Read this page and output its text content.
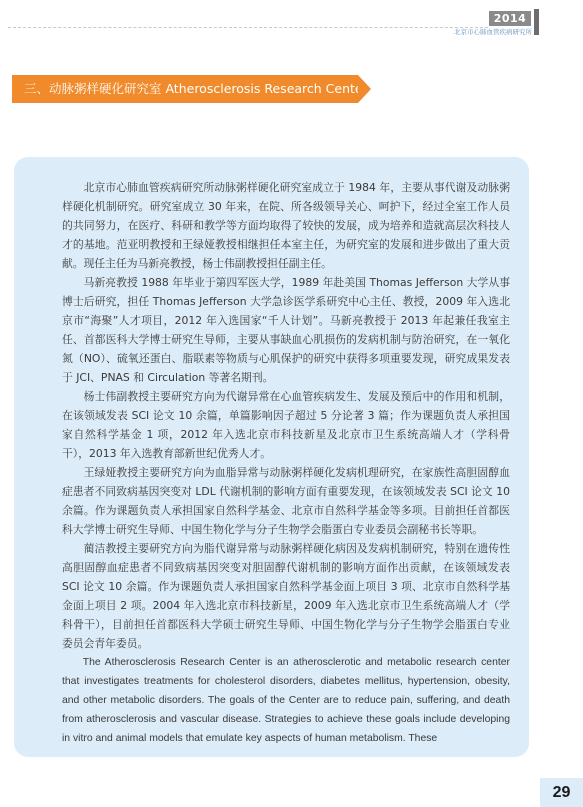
2014
北京市心肺血管疾病研究所
三、动脉粥样硬化研究室 Atherosclerosis Research Center

北京市心肺血管疾病研究所动脉粥样硬化研究室成立于 1984 年，主要从事代谢及动脉粥样硬化机制研究。研究室成立 30 年来，在院、所各级领导关心、呵护下，经过全室工作人员的共同努力，在医疗、科研和教学等方面均取得了较快的发展，成为培养和造就高层次科技人才的基地。范亚明教授和王绿娅教授相继担任本室主任，为研究室的发展和进步做出了重大贡献。现任主任为马新亮教授，杨士伟副教授担任副主任。

马新亮教授 1988 年毕业于第四军医大学，1989 年赴美国 Thomas Jefferson 大学从事博士后研究，担任 Thomas Jefferson 大学急诊医学系研究中心主任、教授，2009 年入选北京市“海聚”人才项目，2012 年入选国家“千人计划”。马新亮教授于 2013 年起兼任我室主任、首都医科大学博士研究生导师，主要从事缺血心肌损伤的发病机制与防治研究，在一氧化氮（NO）、硫氧还蛋白、脂联素等物质与心肌保护的研究中获得多项重要发现，研究成果发表于 JCI、PNAS 和 Circulation 等著名期刊。

杨士伟副教授主要研究方向为代谢异常在心血管疾病发生、发展及预后中的作用和机制，在该领域发表 SCI 论文 10 余篇，单篇影响因子超过 5 分论著 3 篇；作为课题负责人承担国家自然科学基金 1 项，2012 年入选北京市科技新星及北京市卫生系统高端人才（学科骨干），2013 年入选教育部新世纪优秀人才。

王绿娅教授主要研究方向为血脂异常与动脉粥样硬化发病机理研究，在家族性高胆固醇血症患者不同致病基因突变对 LDL 代谢机制的影响方面有重要发现，在该领域发表 SCI 论文 10 余篇。作为课题负责人承担国家自然科学基金、北京市自然科学基金等多项。目前担任首都医科大学博士研究生导师、中国生物化学与分子生物学会脂蛋白专业委员会副秘书长等职。

蔺洁教授主要研究方向为脂代谢异常与动脉粥样硬化病因及发病机制研究，特别在遗传性高胆固醇血症患者不同致病基因突变对胆固醇代谢机制的影响方面作出贡献，在该领域发表 SCI 论文 10 余篇。作为课题负责人承担国家自然科学基金面上项目 3 项、北京市自然科学基金面上项目 2 项。2004 年入选北京市科技新星，2009 年入选北京市卫生系统高端人才（学科骨干），目前担任首都医科大学硕士研究生导师、中国生物化学与分子生物学会脂蛋白专业委员会青年委员。

The Atherosclerosis Research Center is an atherosclerotic and metabolic research center that investigates treatments for cholesterol disorders, diabetes mellitus, hypertension, obesity, and other metabolic disorders. The goals of the Center are to reduce pain, suffering, and death from atherosclerosis and vascular disease. Strategies to achieve these goals include developing in vitro and animal models that emulate key aspects of human metabolism. These

29
